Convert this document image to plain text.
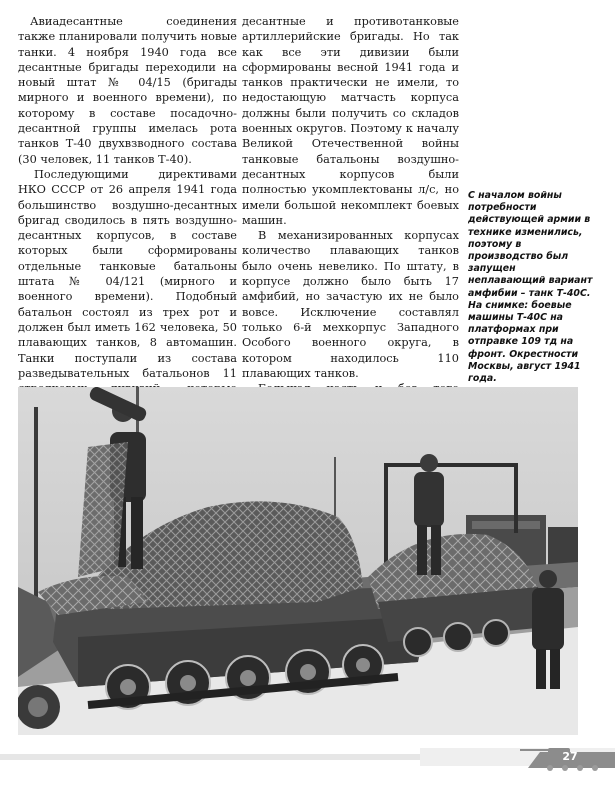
Авиадесантные соединения также планировали получить новые танки. 4 ноября 1940 года все десантные бригады переходили на новый штат № 04/15 (бригады мирного и военного времени), по которому в составе посадочно-десантной группы имелась рота танков Т-40 двухвзводного состава (30 человек, 11 танков Т-40).

Последующими директивами НКО СССР от 26 апреля 1941 года большинство воздушно-десантных бригад сводилось в пять воздушно-десантных корпусов, в составе которых были сформированы отдельные танковые батальоны штата № 04/121 (мирного и военного времени). Подобный батальон состоял из трех рот и должен был иметь 162 человека, 50 плавающих танков, 8 автомашин. Танки поступали из состава разведывательных батальонов 11

десантные и противотанковые артиллерийские бригады. Но так как все эти дивизии были сформированы весной 1941 года и танков практически не имели, то недостающую матчасть корпуса должны были получить со складов военных округов. Поэтому к началу Великой Отечественной войны танковые батальоны воздушно-десантных корпусов были полностью укомплектованы л/с, но имели большой некомплект боевых машин.

В механизированных корпусах количество плавающих танков было очень невелико. По штату, в корпусе должно было быть 17 амфибий, но зачастую их не было вовсе. Исключение составлял только 6-й мехкорпус Западного Особого военного округа, в котором находилось 110 плавающих танков.

С началом войны потребности действующей армии в технике изменились, поэтому в производство был запущен неплавающий вариант амфибии – танк Т-40С. На снимке: боевые машины Т-40С на платформах при отправке 109 тд на фронт. Окрестности Москвы, август 1941 года.
27
